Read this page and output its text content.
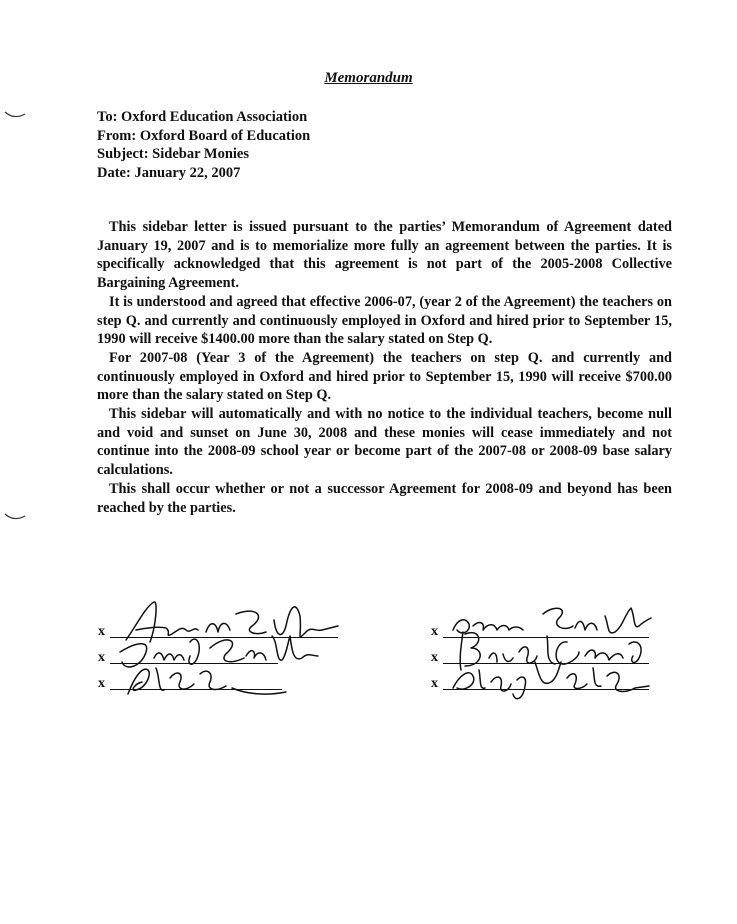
Memorandum
To: Oxford Education Association
From: Oxford Board of Education
Subject: Sidebar Monies
Date: January 22, 2007

This sidebar letter is issued pursuant to the parties’ Memorandum of Agreement dated January 19, 2007 and is to memorialize more fully an agreement between the parties. It is specifically acknowledged that this agreement is not part of the 2005-2008 Collective Bargaining Agreement.

It is understood and agreed that effective 2006-07, (year 2 of the Agreement) the teachers on step Q. and currently and continuously employed in Oxford and hired prior to September 15, 1990 will receive $1400.00 more than the salary stated on Step Q.

For 2007-08 (Year 3 of the Agreement) the teachers on step Q. and currently and continuously employed in Oxford and hired prior to September 15, 1990 will receive $700.00 more than the salary stated on Step Q.

This sidebar will automatically and with no notice to the individual teachers, become null and void and sunset on June 30, 2008 and these monies will cease immediately and not continue into the 2008-09 school year or become part of the 2007-08 or 2008-09 base salary calculations.

This shall occur whether or not a successor Agreement for 2008-09 and beyond has been reached by the parties.

x
x
x
x
x
x
